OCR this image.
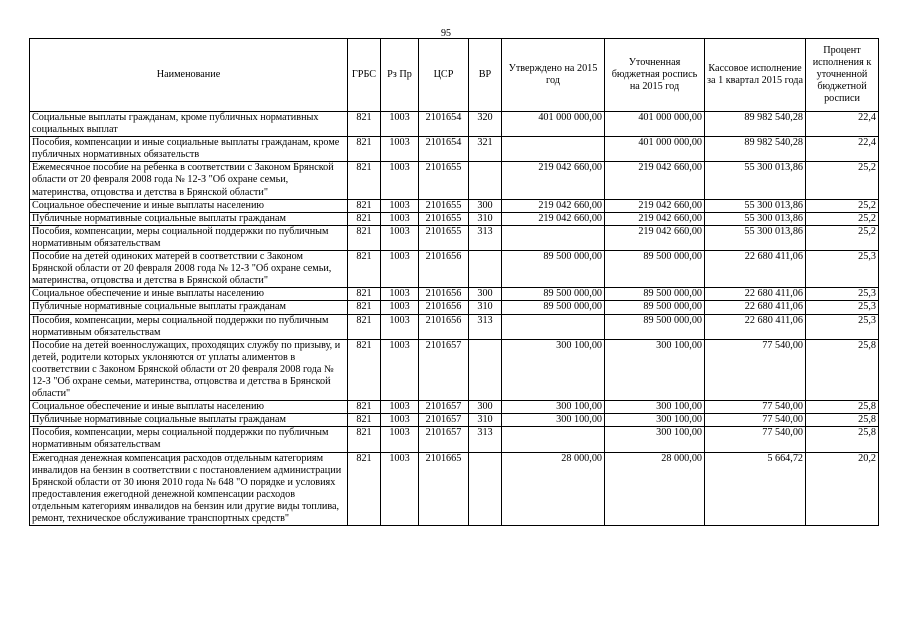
95
Наименование	ГРБС	Рз Пр	ЦСР	ВР	Утверждено на 2015 год	Уточненная бюджетная роспись на 2015 год	Кассовое исполнение за 1 квартал 2015 года	Процент исполнения к уточненной бюджетной росписи
Социальные выплаты гражданам, кроме публичных нормативных социальных выплат	821	1003	2101654	320	401 000 000,00	401 000 000,00	89 982 540,28	22,4
Пособия, компенсации и иные социальные выплаты гражданам, кроме публичных нормативных обязательств	821	1003	2101654	321		401 000 000,00	89 982 540,28	22,4
Ежемесячное пособие на ребенка в соответствии с Законом Брянской области от 20 февраля 2008 года № 12-З "Об охране семьи, материнства, отцовства и детства в Брянской области"	821	1003	2101655		219 042 660,00	219 042 660,00	55 300 013,86	25,2
Социальное обеспечение и иные выплаты населению	821	1003	2101655	300	219 042 660,00	219 042 660,00	55 300 013,86	25,2
Публичные нормативные социальные выплаты гражданам	821	1003	2101655	310	219 042 660,00	219 042 660,00	55 300 013,86	25,2
Пособия, компенсации, меры социальной поддержки по публичным нормативным обязательствам	821	1003	2101655	313		219 042 660,00	55 300 013,86	25,2
Пособие на детей одиноких матерей в соответствии с Законом Брянской области от 20 февраля 2008 года № 12-З "Об охране семьи, материнства, отцовства и детства в Брянской области"	821	1003	2101656		89 500 000,00	89 500 000,00	22 680 411,06	25,3
Социальное обеспечение и иные выплаты населению	821	1003	2101656	300	89 500 000,00	89 500 000,00	22 680 411,06	25,3
Публичные нормативные социальные выплаты гражданам	821	1003	2101656	310	89 500 000,00	89 500 000,00	22 680 411,06	25,3
Пособия, компенсации, меры социальной поддержки по публичным нормативным обязательствам	821	1003	2101656	313		89 500 000,00	22 680 411,06	25,3
Пособие на детей военнослужащих, проходящих службу по призыву, и детей, родители которых уклоняются от уплаты алиментов в соответствии с Законом Брянской области от 20 февраля 2008 года № 12-З "Об охране семьи, материнства, отцовства и детства в Брянской области"	821	1003	2101657		300 100,00	300 100,00	77 540,00	25,8
Социальное обеспечение и иные выплаты населению	821	1003	2101657	300	300 100,00	300 100,00	77 540,00	25,8
Публичные нормативные социальные выплаты гражданам	821	1003	2101657	310	300 100,00	300 100,00	77 540,00	25,8
Пособия, компенсации, меры социальной поддержки по публичным нормативным обязательствам	821	1003	2101657	313		300 100,00	77 540,00	25,8
Ежегодная денежная компенсация расходов отдельным категориям инвалидов на бензин в соответствии с постановлением администрации Брянской области от 30 июня 2010 года № 648 "О порядке и условиях предоставления ежегодной денежной компенсации расходов отдельным категориям инвалидов на бензин или другие виды топлива, ремонт, техническое обслуживание транспортных средств"	821	1003	2101665		28 000,00	28 000,00	5 664,72	20,2
